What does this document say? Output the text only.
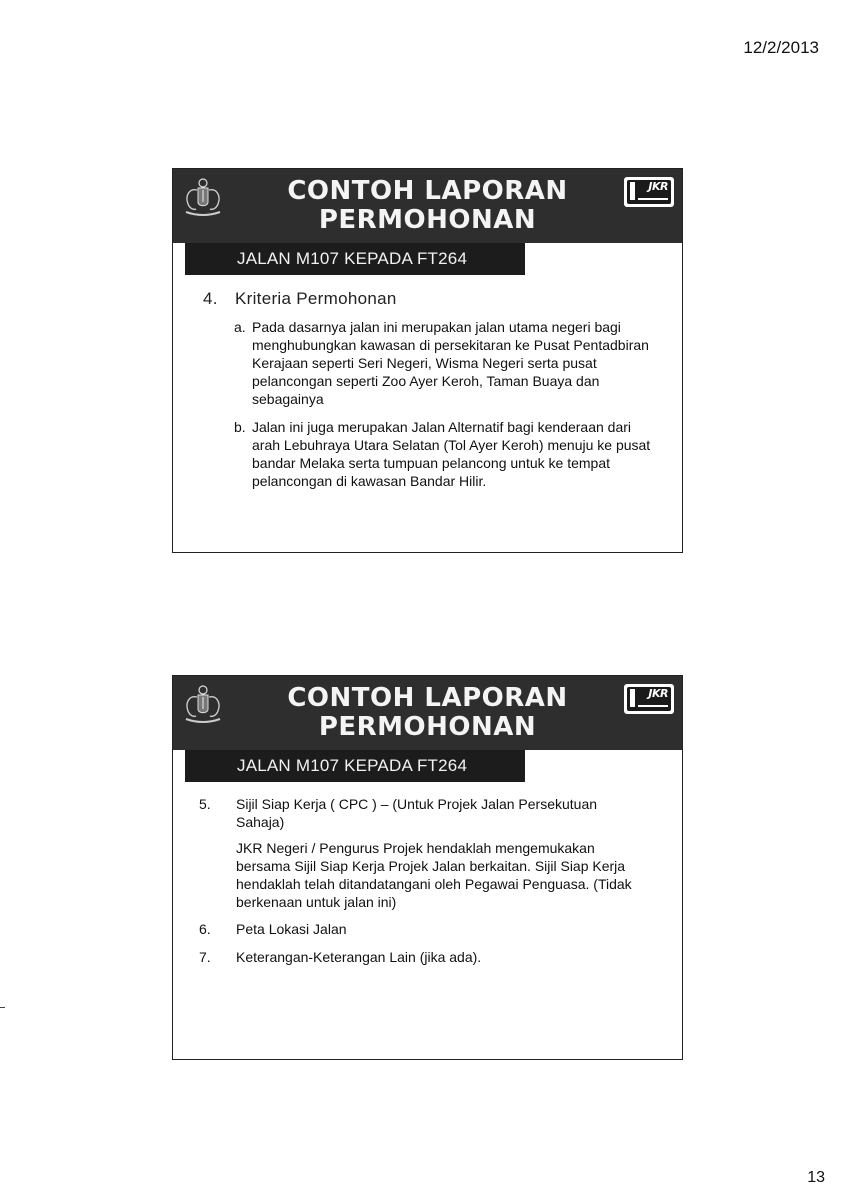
12/2/2013
CONTOH LAPORAN
PERMOHONAN
JKR
JALAN M107 KEPADA FT264
4. Kriteria Permohonan
a. Pada dasarnya jalan ini merupakan jalan utama negeri bagi menghubungkan kawasan di persekitaran ke Pusat Pentadbiran Kerajaan seperti Seri Negeri, Wisma Negeri serta pusat pelancongan seperti Zoo Ayer Keroh, Taman Buaya dan sebagainya
b. Jalan ini juga merupakan Jalan Alternatif bagi kenderaan dari arah Lebuhraya Utara Selatan (Tol Ayer Keroh) menuju ke pusat bandar Melaka serta tumpuan pelancong untuk ke tempat pelancongan di kawasan Bandar Hilir.
CONTOH LAPORAN
PERMOHONAN
JKR
JALAN M107 KEPADA FT264
5.	Sijil Siap Kerja ( CPC ) – (Untuk Projek Jalan Persekutuan Sahaja)
JKR Negeri / Pengurus Projek hendaklah mengemukakan bersama Sijil Siap Kerja Projek Jalan berkaitan. Sijil Siap Kerja hendaklah telah ditandatangani oleh Pegawai Penguasa. (Tidak berkenaan untuk jalan ini)
6.	Peta Lokasi Jalan
7.	Keterangan-Keterangan Lain (jika ada).
13
